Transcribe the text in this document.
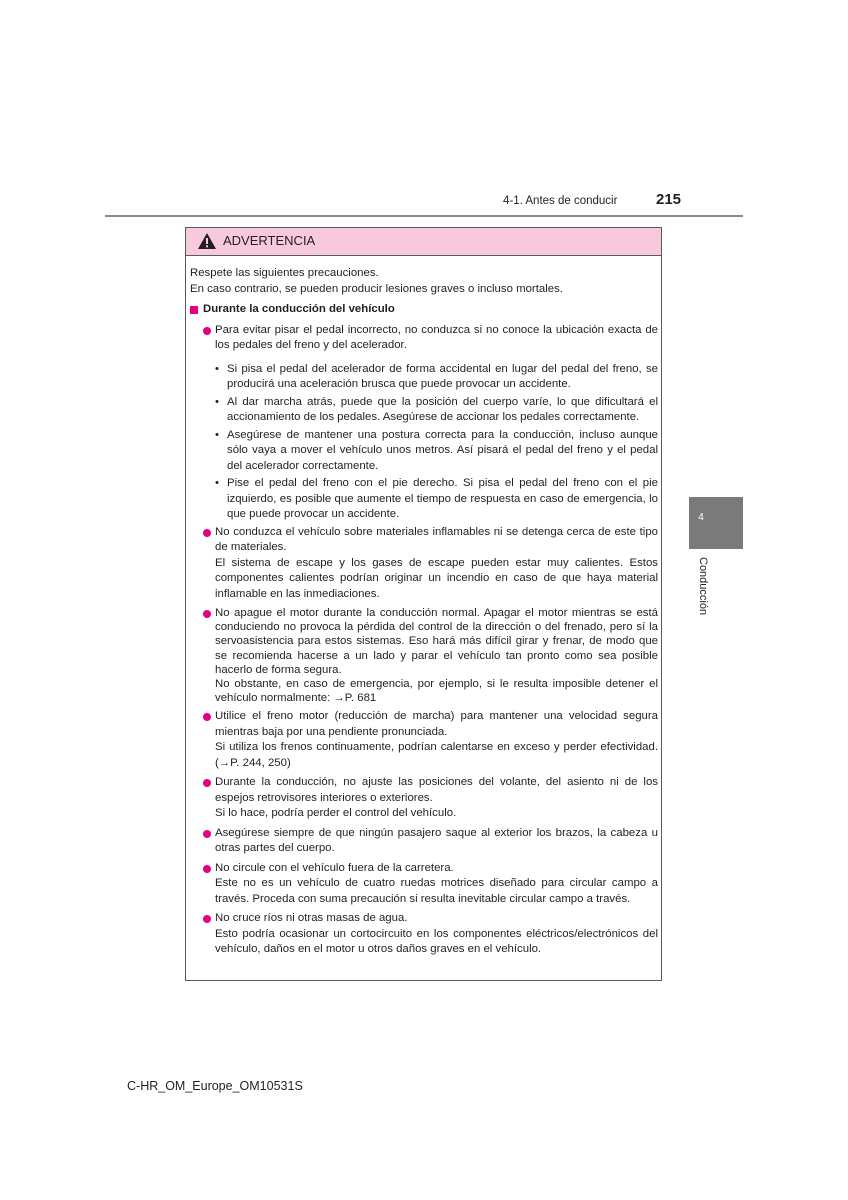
4-1. Antes de conducir	215
4
Conducción
ADVERTENCIA

Respete las siguientes precauciones.

En caso contrario, se pueden producir lesiones graves o incluso mortales.

Durante la conducción del vehículo

Para evitar pisar el pedal incorrecto, no conduzca si no conoce la ubicación exacta de los pedales del freno y del acelerador.

• Si pisa el pedal del acelerador de forma accidental en lugar del pedal del freno, se producirá una aceleración brusca que puede provocar un accidente.

• Al dar marcha atrás, puede que la posición del cuerpo varíe, lo que dificultará el accionamiento de los pedales. Asegúrese de accionar los pedales correctamente.

• Asegúrese de mantener una postura correcta para la conducción, incluso aunque sólo vaya a mover el vehículo unos metros. Así pisará el pedal del freno y el pedal del acelerador correctamente.

• Pise el pedal del freno con el pie derecho. Si pisa el pedal del freno con el pie izquierdo, es posible que aumente el tiempo de respuesta en caso de emergencia, lo que puede provocar un accidente.

No conduzca el vehículo sobre materiales inflamables ni se detenga cerca de este tipo de materiales.

El sistema de escape y los gases de escape pueden estar muy calientes. Estos componentes calientes podrían originar un incendio en caso de que haya material inflamable en las inmediaciones.

No apague el motor durante la conducción normal. Apagar el motor mientras se está conduciendo no provoca la pérdida del control de la dirección o del frenado, pero sí la servoasistencia para estos sistemas. Eso hará más difícil girar y frenar, de modo que se recomienda hacerse a un lado y parar el vehículo tan pronto como sea posible hacerlo de forma segura.

No obstante, en caso de emergencia, por ejemplo, si le resulta imposible detener el vehículo normalmente: →P. 681

Utilice el freno motor (reducción de marcha) para mantener una velocidad segura mientras baja por una pendiente pronunciada.

Si utiliza los frenos continuamente, podrían calentarse en exceso y perder efectividad. (→P. 244, 250)

Durante la conducción, no ajuste las posiciones del volante, del asiento ni de los espejos retrovisores interiores o exteriores.

Si lo hace, podría perder el control del vehículo.

Asegúrese siempre de que ningún pasajero saque al exterior los brazos, la cabeza u otras partes del cuerpo.

No circule con el vehículo fuera de la carretera.

Este no es un vehículo de cuatro ruedas motrices diseñado para circular campo a través. Proceda con suma precaución si resulta inevitable circular campo a través.

No cruce ríos ni otras masas de agua.

Esto podría ocasionar un cortocircuito en los componentes eléctricos/electrónicos del vehículo, daños en el motor u otros daños graves en el vehículo.

C-HR_OM_Europe_OM10531S
